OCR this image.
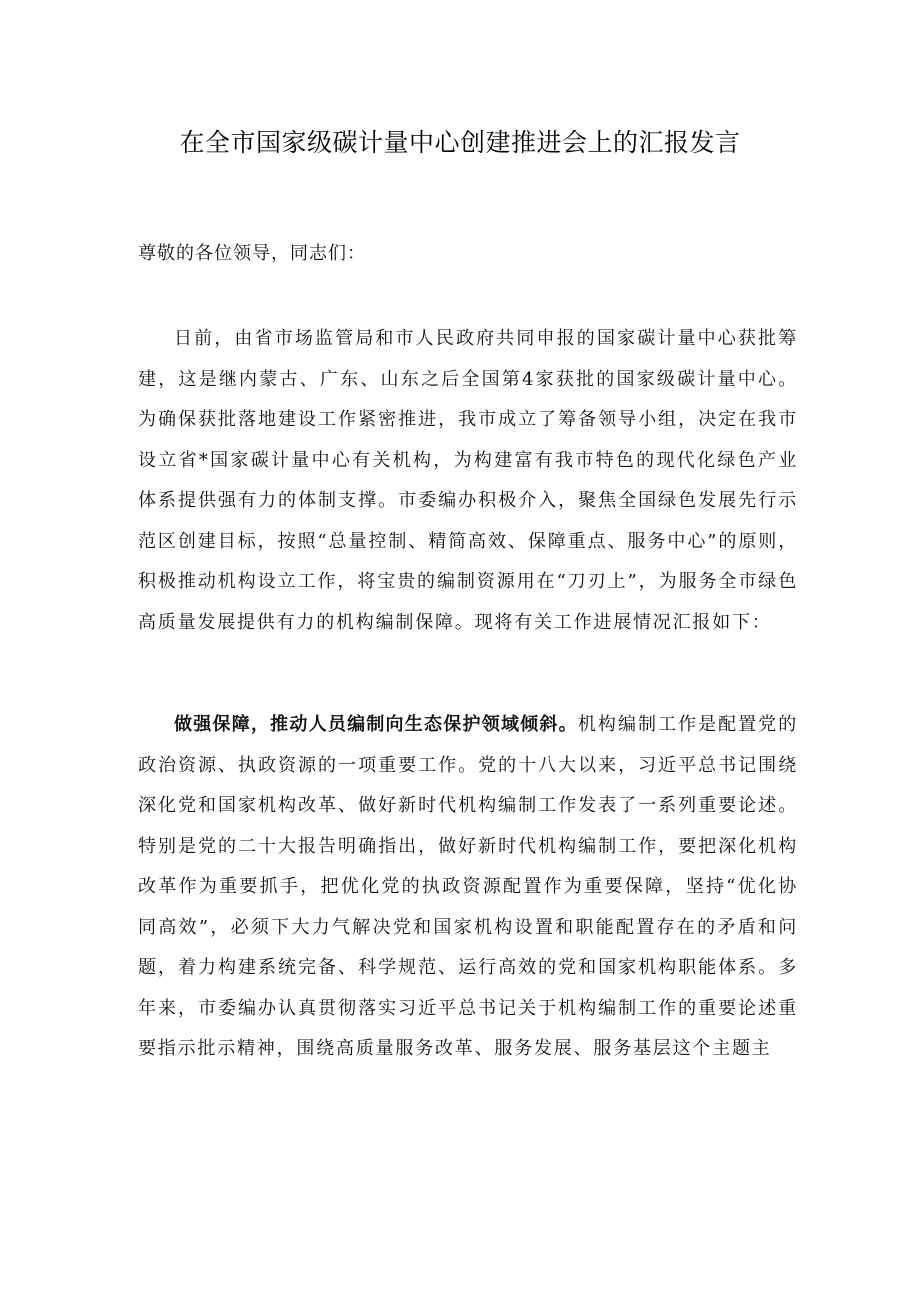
在全市国家级碳计量中心创建推进会上的汇报发言
尊敬的各位领导，同志们：

日前，由省市场监管局和市人民政府共同申报的国家碳计量中心获批筹建，这是继内蒙古、广东、山东之后全国第4家获批的国家级碳计量中心。为确保获批落地建设工作紧密推进，我市成立了筹备领导小组，决定在我市设立省*国家碳计量中心有关机构，为构建富有我市特色的现代化绿色产业体系提供强有力的体制支撑。市委编办积极介入，聚焦全国绿色发展先行示范区创建目标，按照“总量控制、精简高效、保障重点、服务中心”的原则，积极推动机构设立工作，将宝贵的编制资源用在“刀刃上”，为服务全市绿色高质量发展提供有力的机构编制保障。现将有关工作进展情况汇报如下：

做强保障，推动人员编制向生态保护领域倾斜。机构编制工作是配置党的政治资源、执政资源的一项重要工作。党的十八大以来，习近平总书记围绕深化党和国家机构改革、做好新时代机构编制工作发表了一系列重要论述。特别是党的二十大报告明确指出，做好新时代机构编制工作，要把深化机构改革作为重要抓手，把优化党的执政资源配置作为重要保障，坚持“优化协同高效”，必须下大力气解决党和国家机构设置和职能配置存在的矛盾和问题，着力构建系统完备、科学规范、运行高效的党和国家机构职能体系。多年来，市委编办认真贯彻落实习近平总书记关于机构编制工作的重要论述重要指示批示精神，围绕高质量服务改革、服务发展、服务基层这个主题主
